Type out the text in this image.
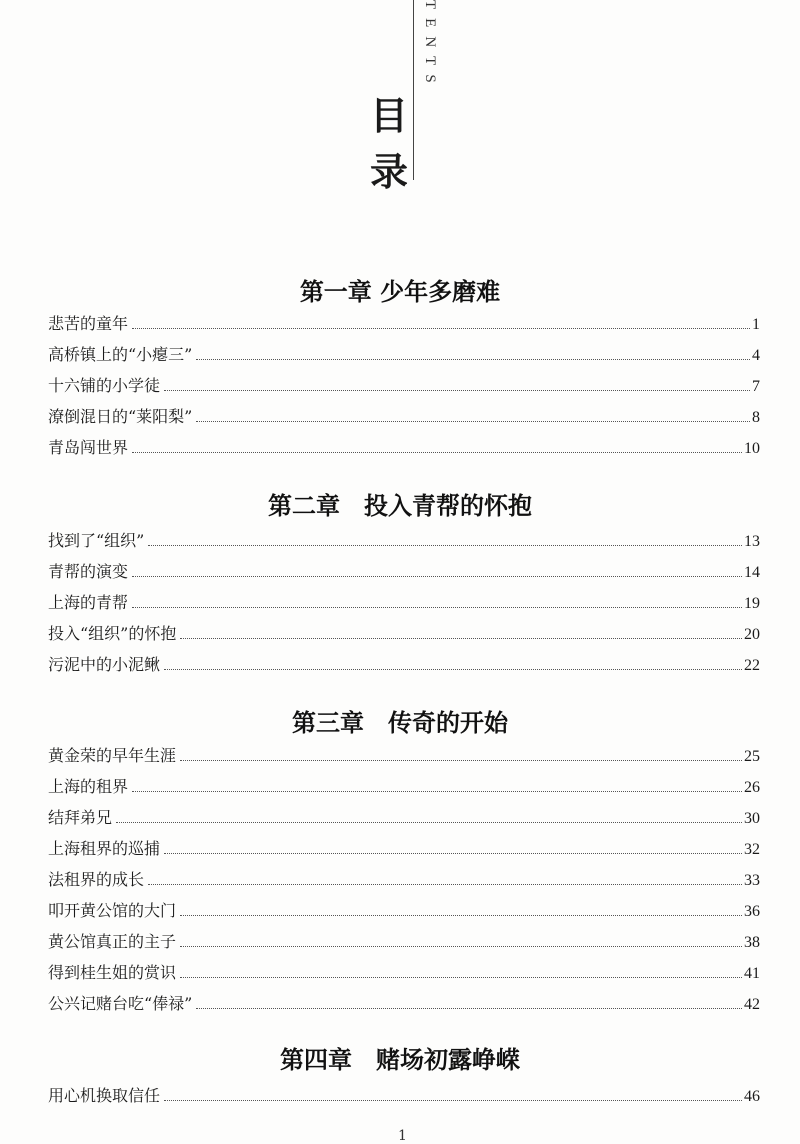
TENTS
目
录
第一章 少年多磨难
悲苦的童年	1
高桥镇上的“小瘪三”	4
十六铺的小学徒	7
潦倒混日的“莱阳梨”	8
青岛闯世界	10
第二章　投入青帮的怀抱
找到了“组织”	13
青帮的演变	14
上海的青帮	19
投入“组织”的怀抱	20
污泥中的小泥鳅	22
第三章　传奇的开始
黄金荣的早年生涯	25
上海的租界	26
结拜弟兄	30
上海租界的巡捕	32
法租界的成长	33
叩开黄公馆的大门	36
黄公馆真正的主子	38
得到桂生姐的赏识	41
公兴记赌台吃“俸禄”	42
第四章　赌场初露峥嵘
用心机换取信任	46
1
